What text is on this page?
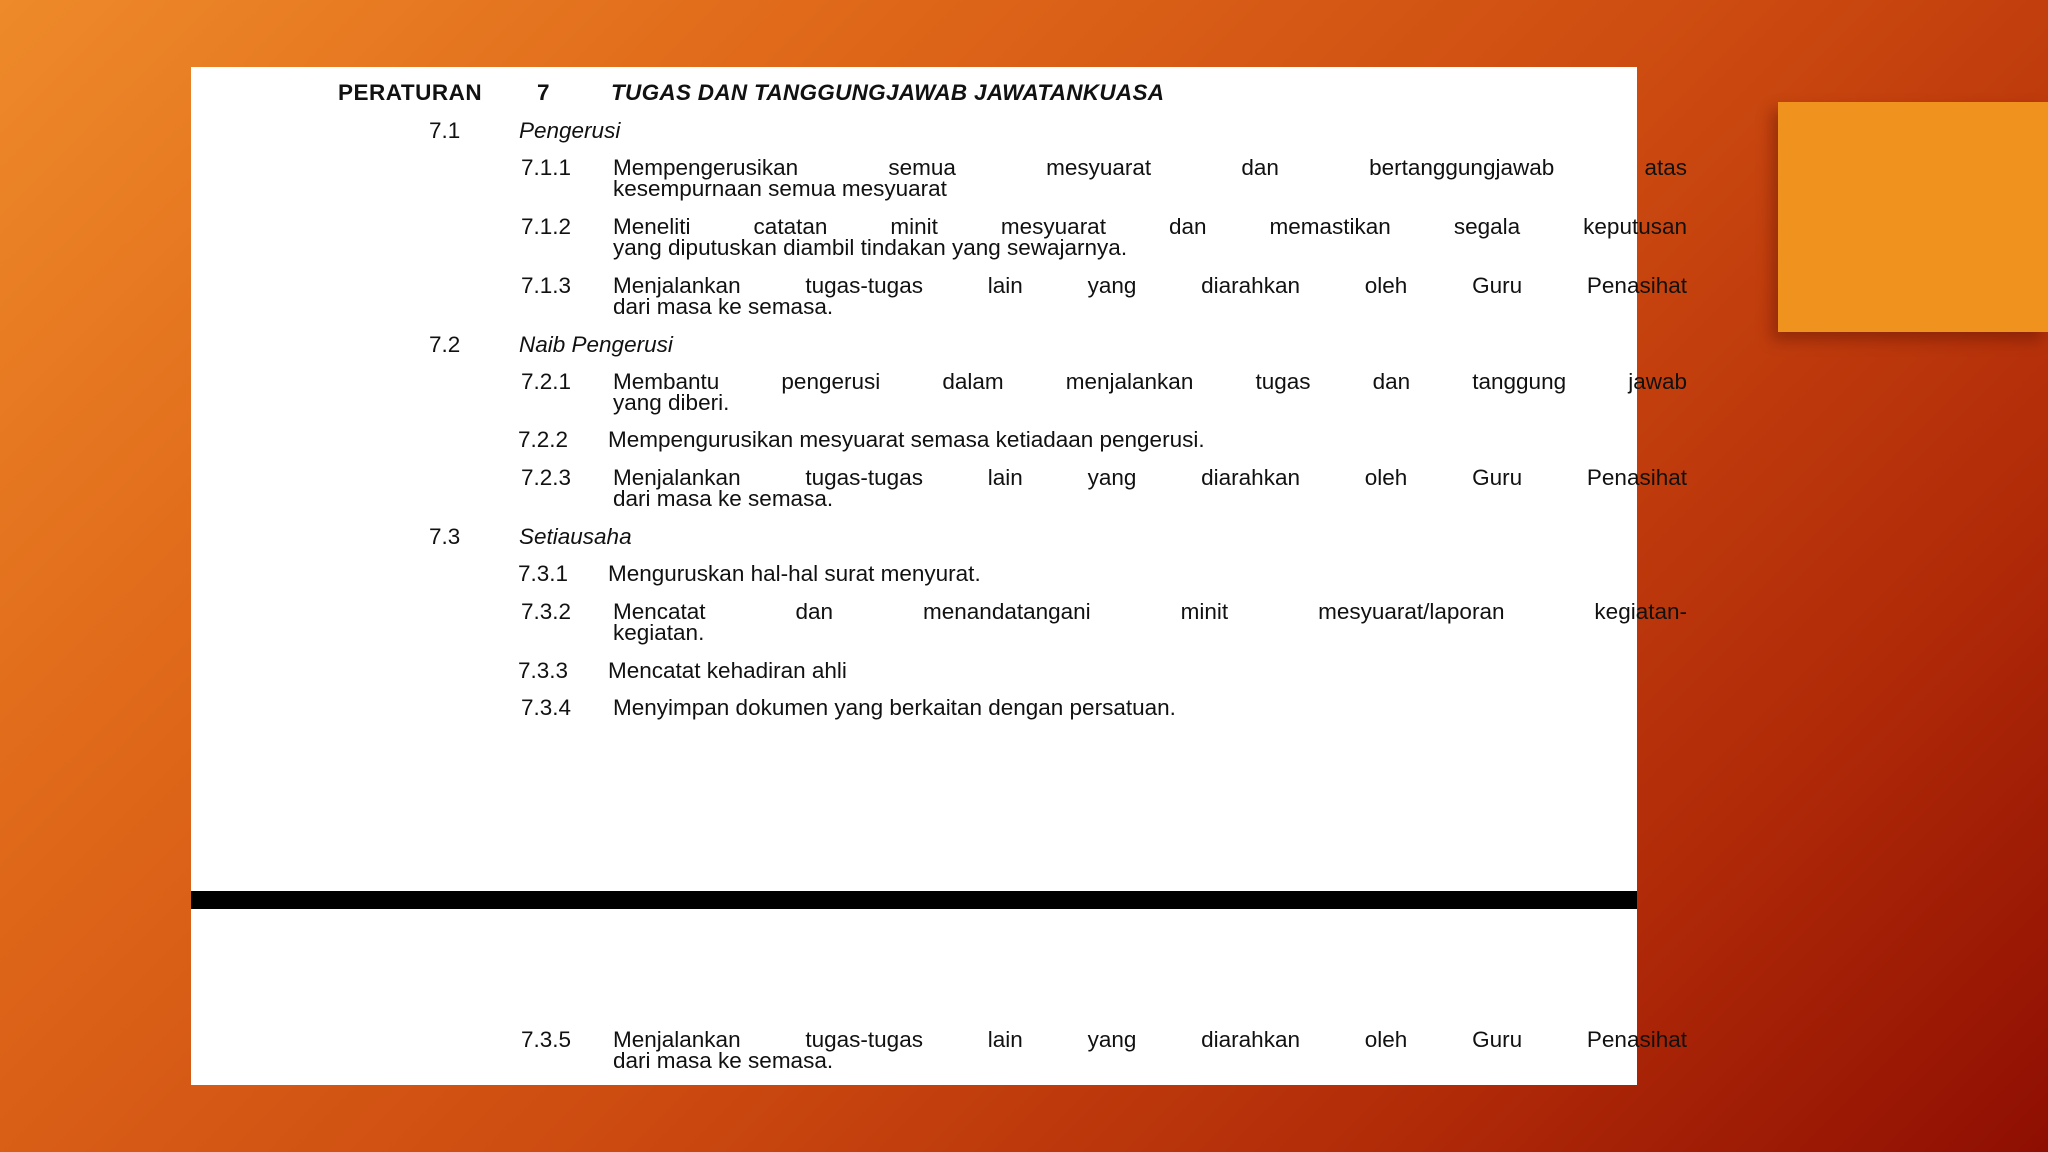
PERATURAN 7	TUGAS DAN TANGGUNGJAWAB JAWATANKUASA
7.1	Pengerusi
7.1.1 Mempengerusikan semua mesyuarat dan bertanggungjawab atas
kesempurnaan semua mesyuarat
7.1.2 Meneliti catatan minit mesyuarat dan memastikan segala keputusan
yang diputuskan diambil tindakan yang sewajarnya.
7.1.3 Menjalankan tugas-tugas lain yang diarahkan oleh Guru Penasihat
dari masa ke semasa.
7.2	Naib Pengerusi
7.2.1 Membantu pengerusi dalam menjalankan tugas dan tanggung jawab
yang diberi.
7.2.2 Mempengurusikan mesyuarat semasa ketiadaan pengerusi.
7.2.3 Menjalankan tugas-tugas lain yang diarahkan oleh Guru Penasihat
dari masa ke semasa.
7.3	Setiausaha
7.3.1 Menguruskan hal-hal surat menyurat.
7.3.2 Mencatat dan menandatangani minit mesyuarat/laporan kegiatan-
kegiatan.
7.3.3 Mencatat kehadiran ahli
7.3.4 Menyimpan dokumen yang berkaitan dengan persatuan.
7.3.5 Menjalankan tugas-tugas lain yang diarahkan oleh Guru Penasihat
dari masa ke semasa.
